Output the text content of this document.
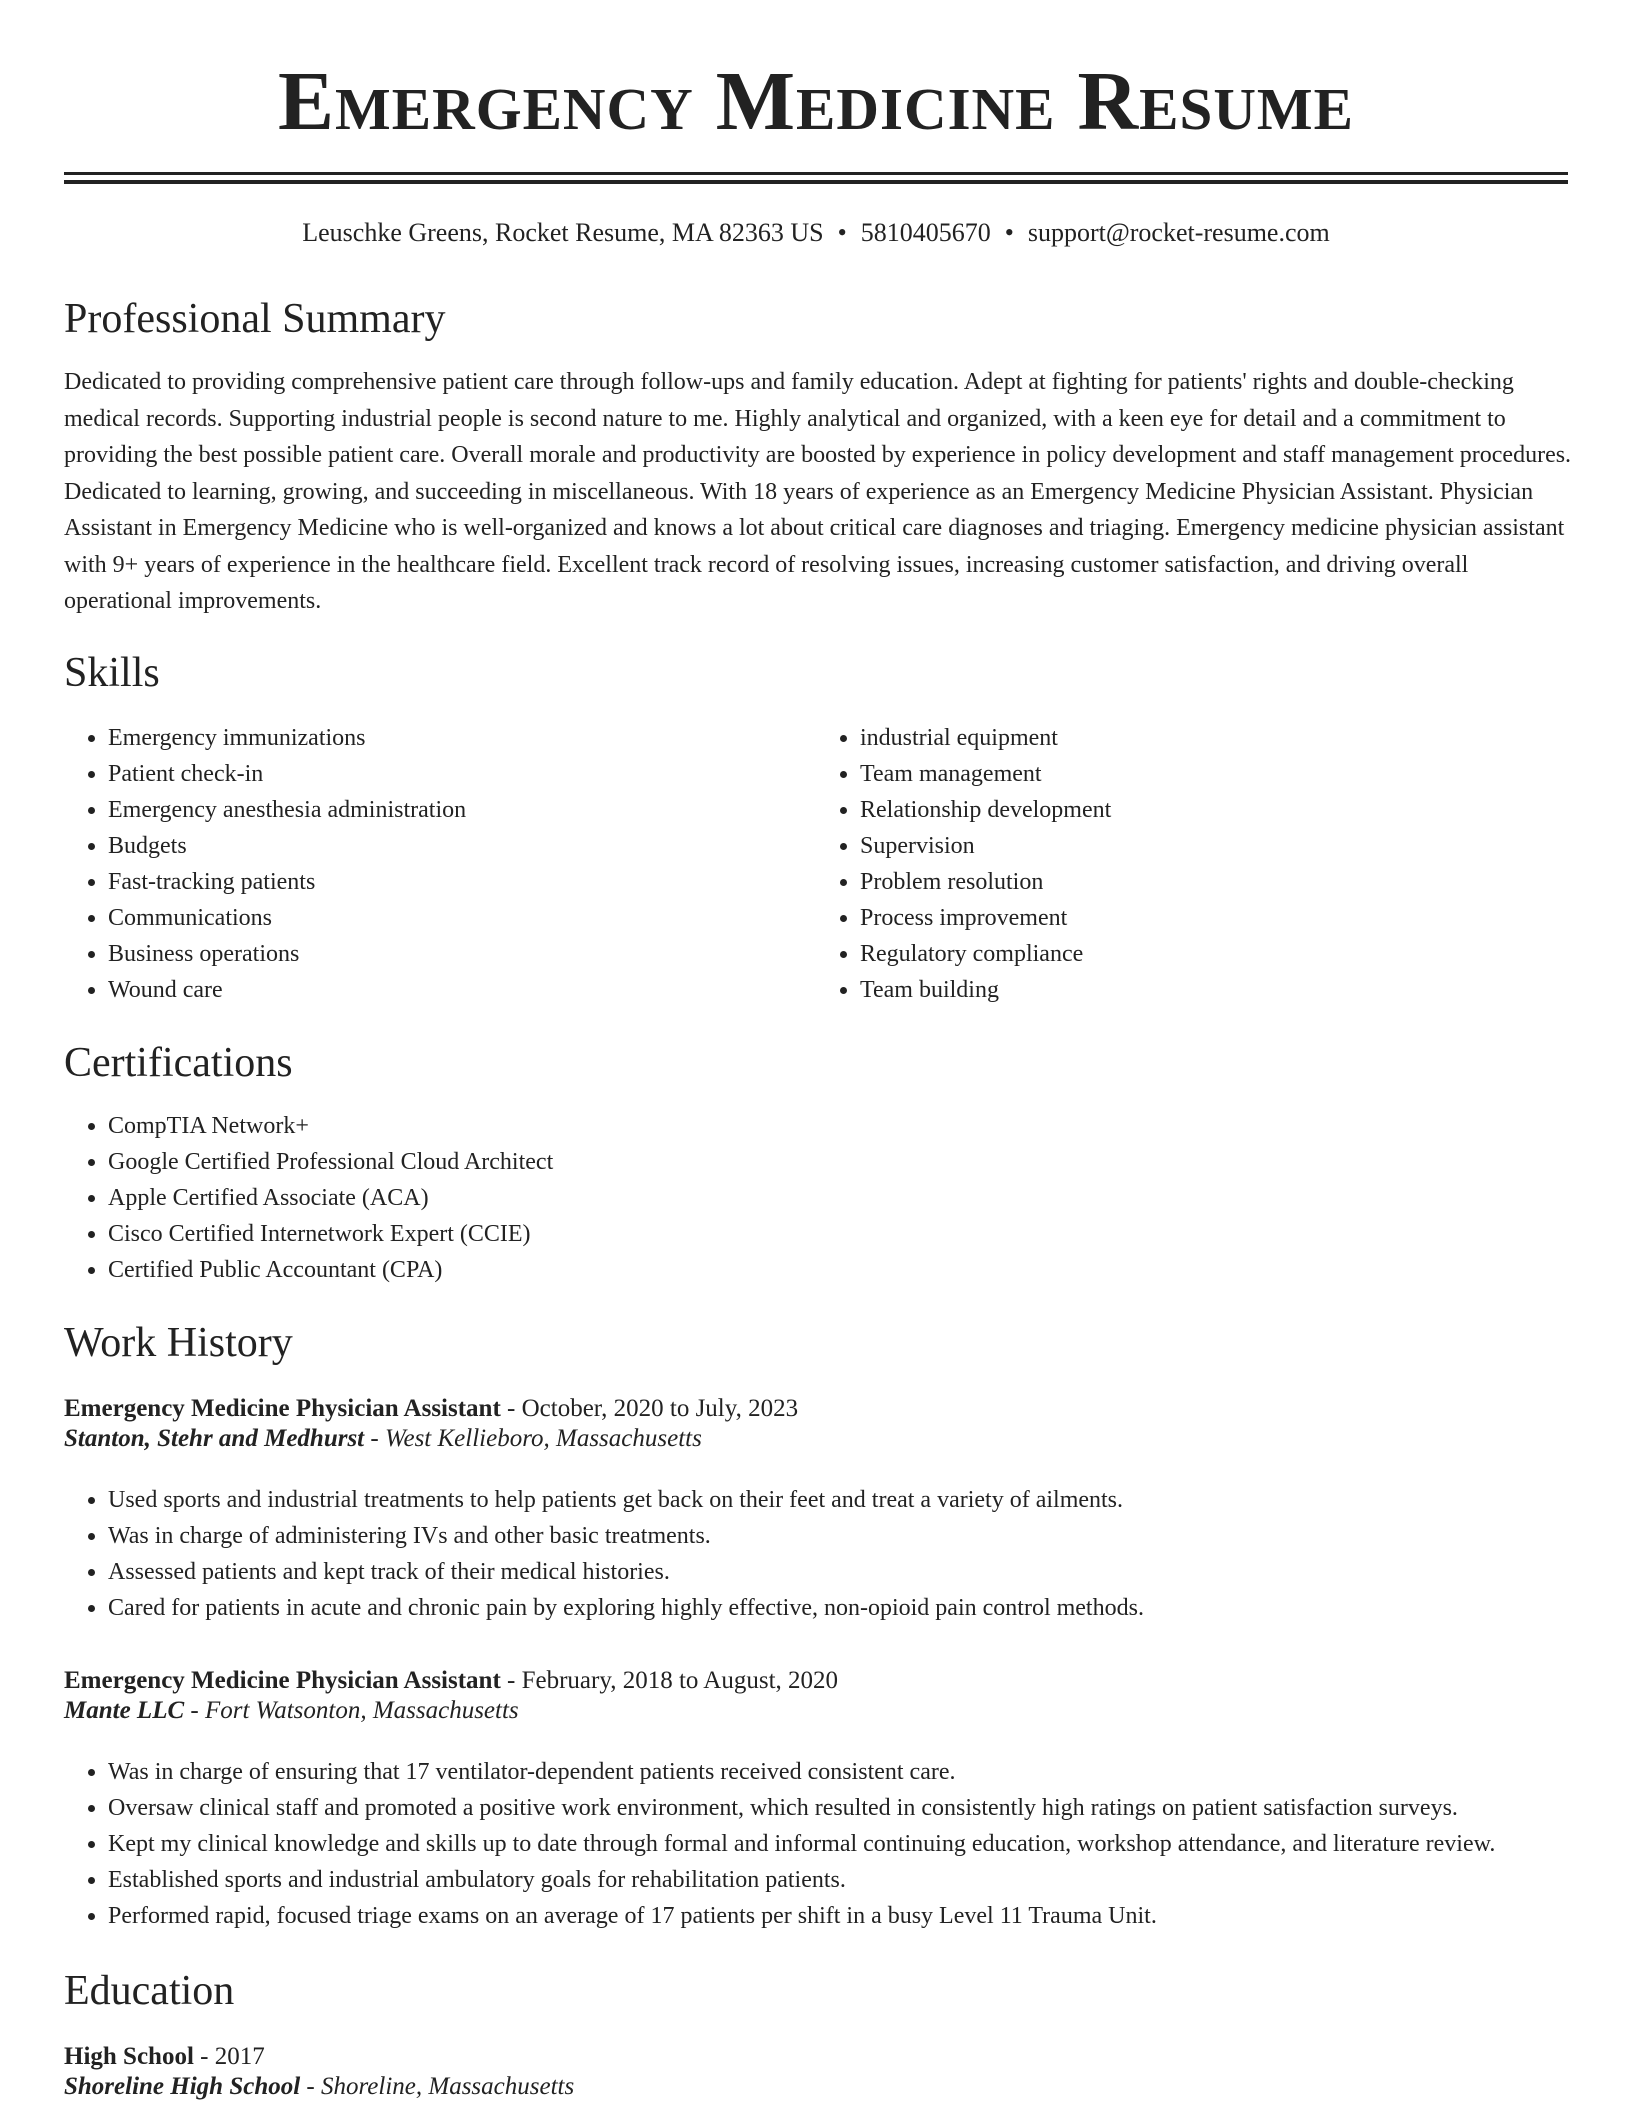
Emergency Medicine Resume
Leuschke Greens, Rocket Resume, MA 82363 US • 5810405670 • support@rocket-resume.com
Professional Summary

Dedicated to providing comprehensive patient care through follow-ups and family education. Adept at fighting for patients' rights and double-checking medical records. Supporting industrial people is second nature to me. Highly analytical and organized, with a keen eye for detail and a commitment to providing the best possible patient care. Overall morale and productivity are boosted by experience in policy development and staff management procedures. Dedicated to learning, growing, and succeeding in miscellaneous. With 18 years of experience as an Emergency Medicine Physician Assistant. Physician Assistant in Emergency Medicine who is well-organized and knows a lot about critical care diagnoses and triaging. Emergency medicine physician assistant with 9+ years of experience in the healthcare field. Excellent track record of resolving issues, increasing customer satisfaction, and driving overall operational improvements.

Skills
• Emergency immunizations
• Patient check-in
• Emergency anesthesia administration
• Budgets
• Fast-tracking patients
• Communications
• Business operations
• Wound care
• industrial equipment
• Team management
• Relationship development
• Supervision
• Problem resolution
• Process improvement
• Regulatory compliance
• Team building
Certifications
• CompTIA Network+
• Google Certified Professional Cloud Architect
• Apple Certified Associate (ACA)
• Cisco Certified Internetwork Expert (CCIE)
• Certified Public Accountant (CPA)
Work History
Emergency Medicine Physician Assistant - October, 2020 to July, 2023
Stanton, Stehr and Medhurst - West Kellieboro, Massachusetts
• Used sports and industrial treatments to help patients get back on their feet and treat a variety of ailments.
• Was in charge of administering IVs and other basic treatments.
• Assessed patients and kept track of their medical histories.
• Cared for patients in acute and chronic pain by exploring highly effective, non-opioid pain control methods.
Emergency Medicine Physician Assistant - February, 2018 to August, 2020
Mante LLC - Fort Watsonton, Massachusetts
• Was in charge of ensuring that 17 ventilator-dependent patients received consistent care.
• Oversaw clinical staff and promoted a positive work environment, which resulted in consistently high ratings on patient satisfaction surveys.
• Kept my clinical knowledge and skills up to date through formal and informal continuing education, workshop attendance, and literature review.
• Established sports and industrial ambulatory goals for rehabilitation patients.
• Performed rapid, focused triage exams on an average of 17 patients per shift in a busy Level 11 Trauma Unit.
Education
High School - 2017
Shoreline High School - Shoreline, Massachusetts
